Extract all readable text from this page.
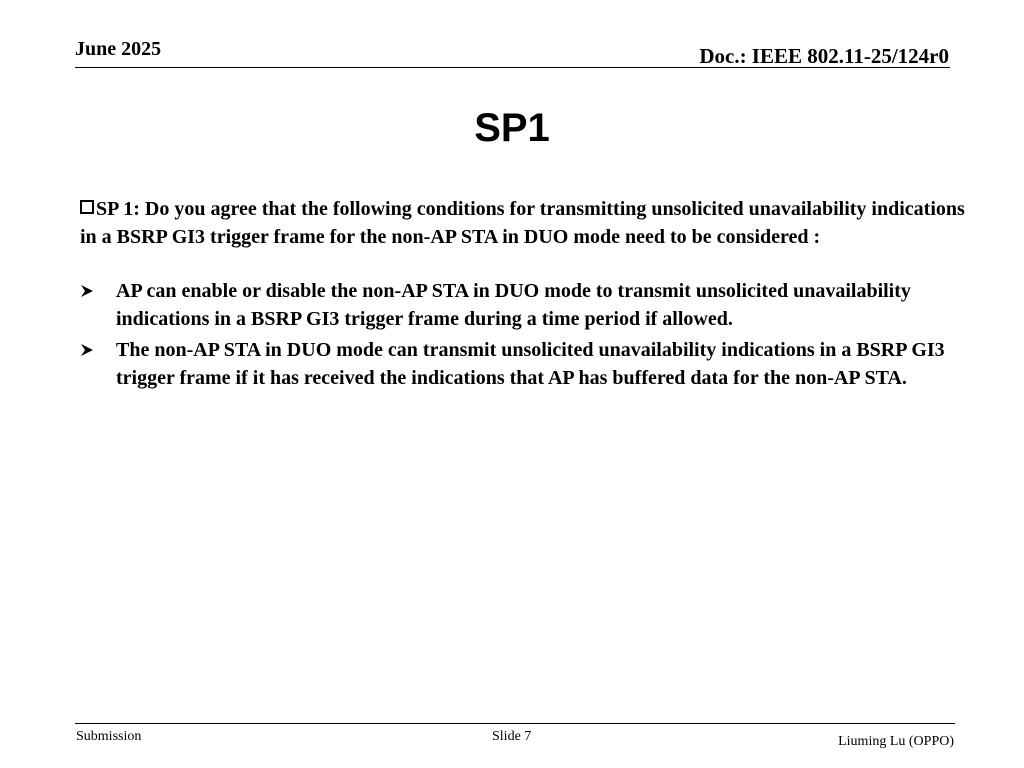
June 2025	Doc.: IEEE 802.11-25/124r0
SP1

SP 1: Do you agree that the following conditions for transmitting unsolicited unavailability indications in a BSRP GI3 trigger frame for the non-AP STA in DUO mode need to be considered :

AP can enable or disable the non-AP STA in DUO mode to transmit unsolicited unavailability indications in a BSRP GI3 trigger frame during a time period if allowed.
The non-AP STA in DUO mode can transmit unsolicited unavailability indications in a BSRP GI3 trigger frame if it has received the indications that AP has buffered data for the non-AP STA.
Submission	Slide 7	Liuming Lu (OPPO)
